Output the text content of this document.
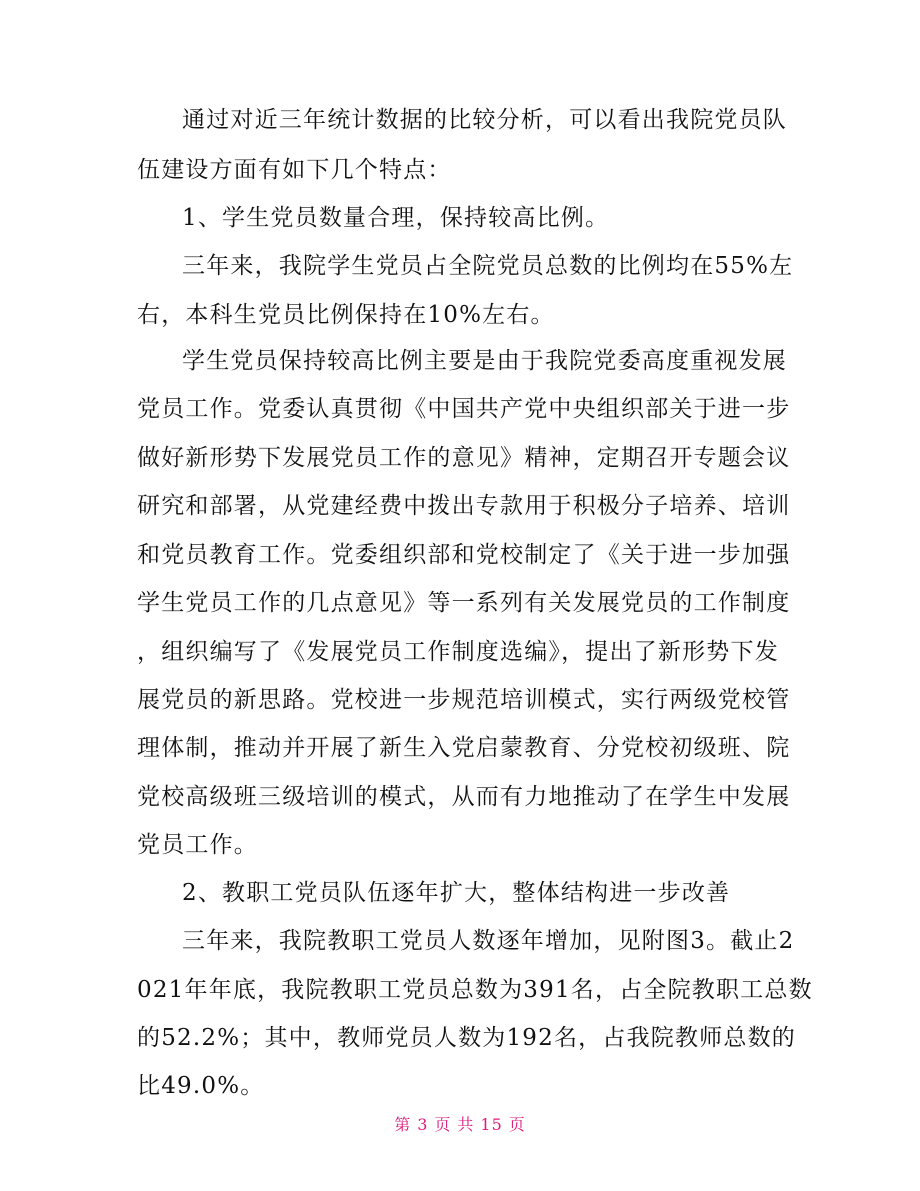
通过对近三年统计数据的比较分析，可以看出我院党员队
伍建设方面有如下几个特点：
1、学生党员数量合理，保持较高比例。
三年来，我院学生党员占全院党员总数的比例均在55%左
右，本科生党员比例保持在10%左右。
学生党员保持较高比例主要是由于我院党委高度重视发展
党员工作。党委认真贯彻《中国共产党中央组织部关于进一步
做好新形势下发展党员工作的意见》精神，定期召开专题会议
研究和部署，从党建经费中拨出专款用于积极分子培养、培训
和党员教育工作。党委组织部和党校制定了《关于进一步加强
学生党员工作的几点意见》等一系列有关发展党员的工作制度
，组织编写了《发展党员工作制度选编》，提出了新形势下发
展党员的新思路。党校进一步规范培训模式，实行两级党校管
理体制，推动并开展了新生入党启蒙教育、分党校初级班、院
党校高级班三级培训的模式，从而有力地推动了在学生中发展
党员工作。
2、教职工党员队伍逐年扩大，整体结构进一步改善
三年来，我院教职工党员人数逐年增加，见附图3。截止2
021年年底，我院教职工党员总数为391名，占全院教职工总数
的52.2%；其中，教师党员人数为192名，占我院教师总数的
比49.0%。
第 3 页 共 15 页
